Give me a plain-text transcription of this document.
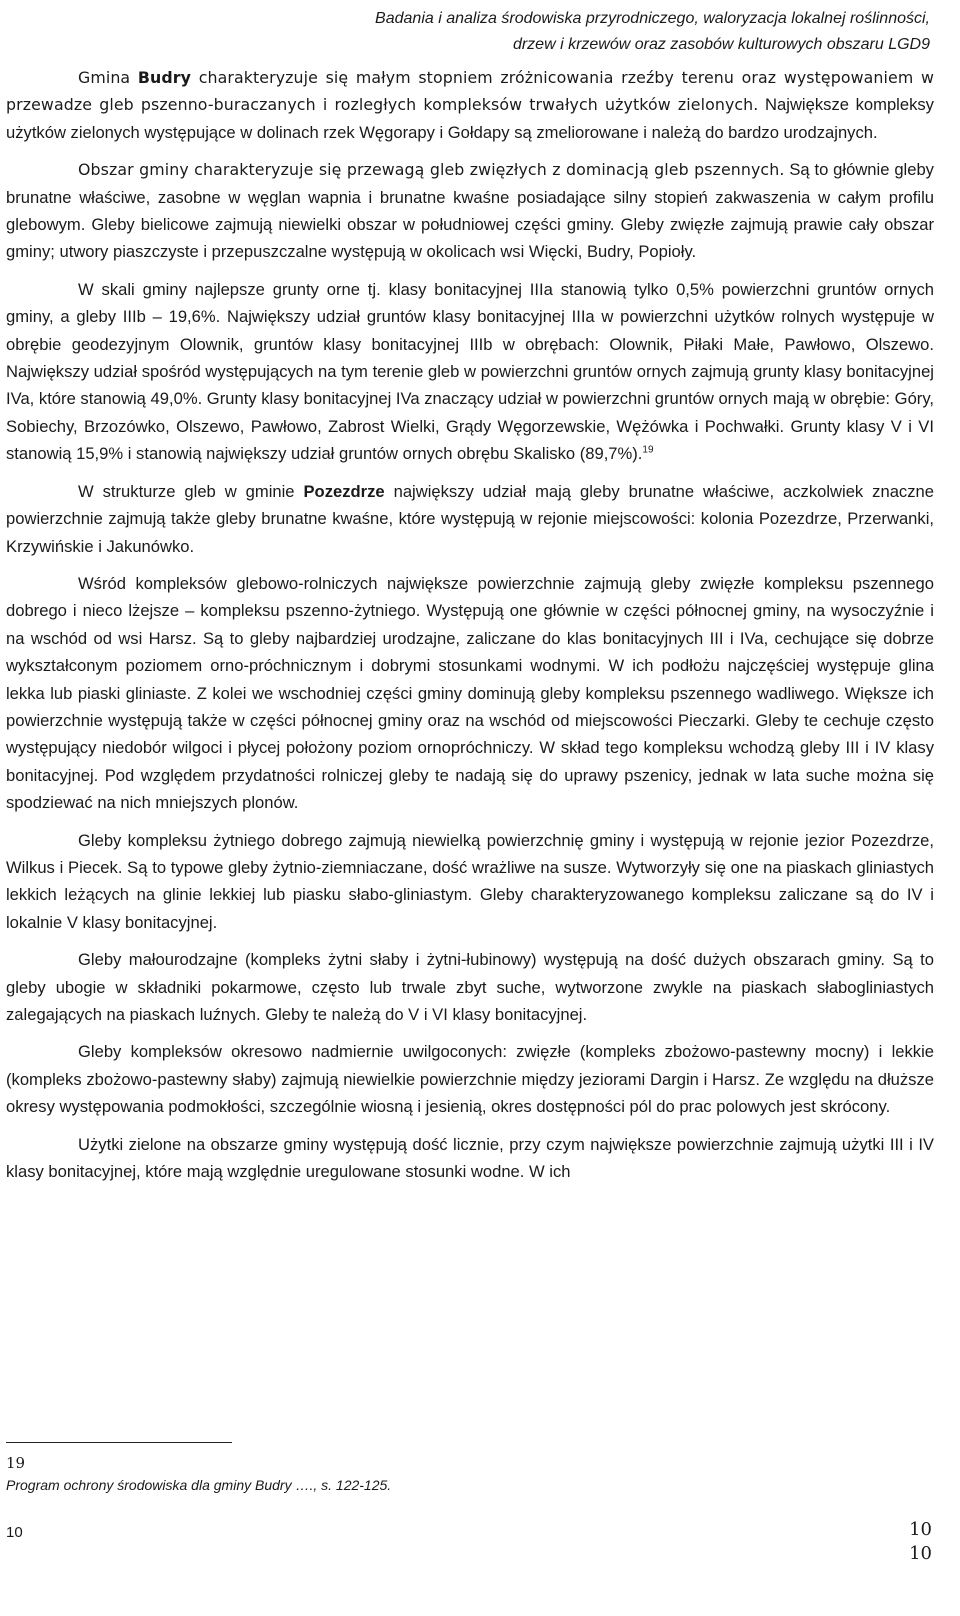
Badania i analiza środowiska przyrodniczego, waloryzacja lokalnej roślinności,
drzew i krzewów oraz zasobów kulturowych obszaru LGD9

Gmina Budry charakteryzuje się małym stopniem zróżnicowania rzeźby terenu oraz występowaniem w przewadze gleb pszenno-buraczanych i rozległych kompleksów trwałych użytków zielonych. Największe kompleksy użytków zielonych występujące w dolinach rzek Węgorapy i Gołdapy są zmeliorowane i należą do bardzo urodzajnych.

Obszar gminy charakteryzuje się przewagą gleb zwięzłych z dominacją gleb pszennych. Są to głównie gleby brunatne właściwe, zasobne w węglan wapnia i brunatne kwaśne posiadające silny stopień zakwaszenia w całym profilu glebowym. Gleby bielicowe zajmują niewielki obszar w południowej części gminy. Gleby zwięzłe zajmują prawie cały obszar gminy; utwory piaszczyste i przepuszczalne występują w okolicach wsi Więcki, Budry, Popioły.

W skali gminy najlepsze grunty orne tj. klasy bonitacyjnej IIIa stanowią tylko 0,5% powierzchni gruntów ornych gminy, a gleby IIIb – 19,6%. Największy udział gruntów klasy bonitacyjnej IIIa w powierzchni użytków rolnych występuje w obrębie geodezyjnym Olownik, gruntów klasy bonitacyjnej IIIb w obrębach: Olownik, Piłaki Małe, Pawłowo, Olszewo. Największy udział spośród występujących na tym terenie gleb w powierzchni gruntów ornych zajmują grunty klasy bonitacyjnej IVa, które stanowią 49,0%. Grunty klasy bonitacyjnej IVa znaczący udział w powierzchni gruntów ornych mają w obrębie: Góry, Sobiechy, Brzozówko, Olszewo, Pawłowo, Zabrost Wielki, Grądy Węgorzewskie, Wężówka i Pochwałki. Grunty klasy V i VI stanowią 15,9% i stanowią największy udział gruntów ornych obrębu Skalisko (89,7%).$^{19}$

W strukturze gleb w gminie Pozezdrze największy udział mają gleby brunatne właściwe, aczkolwiek znaczne powierzchnie zajmują także gleby brunatne kwaśne, które występują w rejonie miejscowości: kolonia Pozezdrze, Przerwanki, Krzywińskie i Jakunówko.

Wśród kompleksów glebowo-rolniczych największe powierzchnie zajmują gleby zwięzłe kompleksu pszennego dobrego i nieco lżejsze – kompleksu pszenno-żytniego. Występują one głównie w części północnej gminy, na wysoczyźnie i na wschód od wsi Harsz. Są to gleby najbardziej urodzajne, zaliczane do klas bonitacyjnych III i IVa, cechujące się dobrze wykształconym poziomem orno-próchnicznym i dobrymi stosunkami wodnymi. W ich podłożu najczęściej występuje glina lekka lub piaski gliniaste. Z kolei we wschodniej części gminy dominują gleby kompleksu pszennego wadliwego. Większe ich powierzchnie występują także w części północnej gminy oraz na wschód od miejscowości Pieczarki. Gleby te cechuje często występujący niedobór wilgoci i płycej położony poziom ornopróchniczy. W skład tego kompleksu wchodzą gleby III i IV klasy bonitacyjnej. Pod względem przydatności rolniczej gleby te nadają się do uprawy pszenicy, jednak w lata suche można się spodziewać na nich mniejszych plonów.

Gleby kompleksu żytniego dobrego zajmują niewielką powierzchnię gminy i występują w rejonie jezior Pozezdrze, Wilkus i Piecek. Są to typowe gleby żytnio-ziemniaczane, dość wrażliwe na susze. Wytworzyły się one na piaskach gliniastych lekkich leżących na glinie lekkiej lub piasku słabo-gliniastym. Gleby charakteryzowanego kompleksu zaliczane są do IV i lokalnie V klasy bonitacyjnej.

Gleby małourodzajne (kompleks żytni słaby i żytni-łubinowy) występują na dość dużych obszarach gminy. Są to gleby ubogie w składniki pokarmowe, często lub trwale zbyt suche, wytworzone zwykle na piaskach słabogliniastych zalegających na piaskach luźnych. Gleby te należą do V i VI klasy bonitacyjnej.

Gleby kompleksów okresowo nadmiernie uwilgoconych: zwięzłe (kompleks zbożowo-pastewny mocny) i lekkie (kompleks zbożowo-pastewny słaby) zajmują niewielkie powierzchnie między jeziorami Dargin i Harsz. Ze względu na dłuższe okresy występowania podmokłości, szczególnie wiosną i jesienią, okres dostępności pól do prac polowych jest skrócony.

Użytki zielone na obszarze gminy występują dość licznie, przy czym największe powierzchnie zajmują użytki III i IV klasy bonitacyjnej, które mają względnie uregulowane stosunki wodne. W ich

19
Program ochrony środowiska dla gminy Budry …., s. 122-125.
10	10
10
